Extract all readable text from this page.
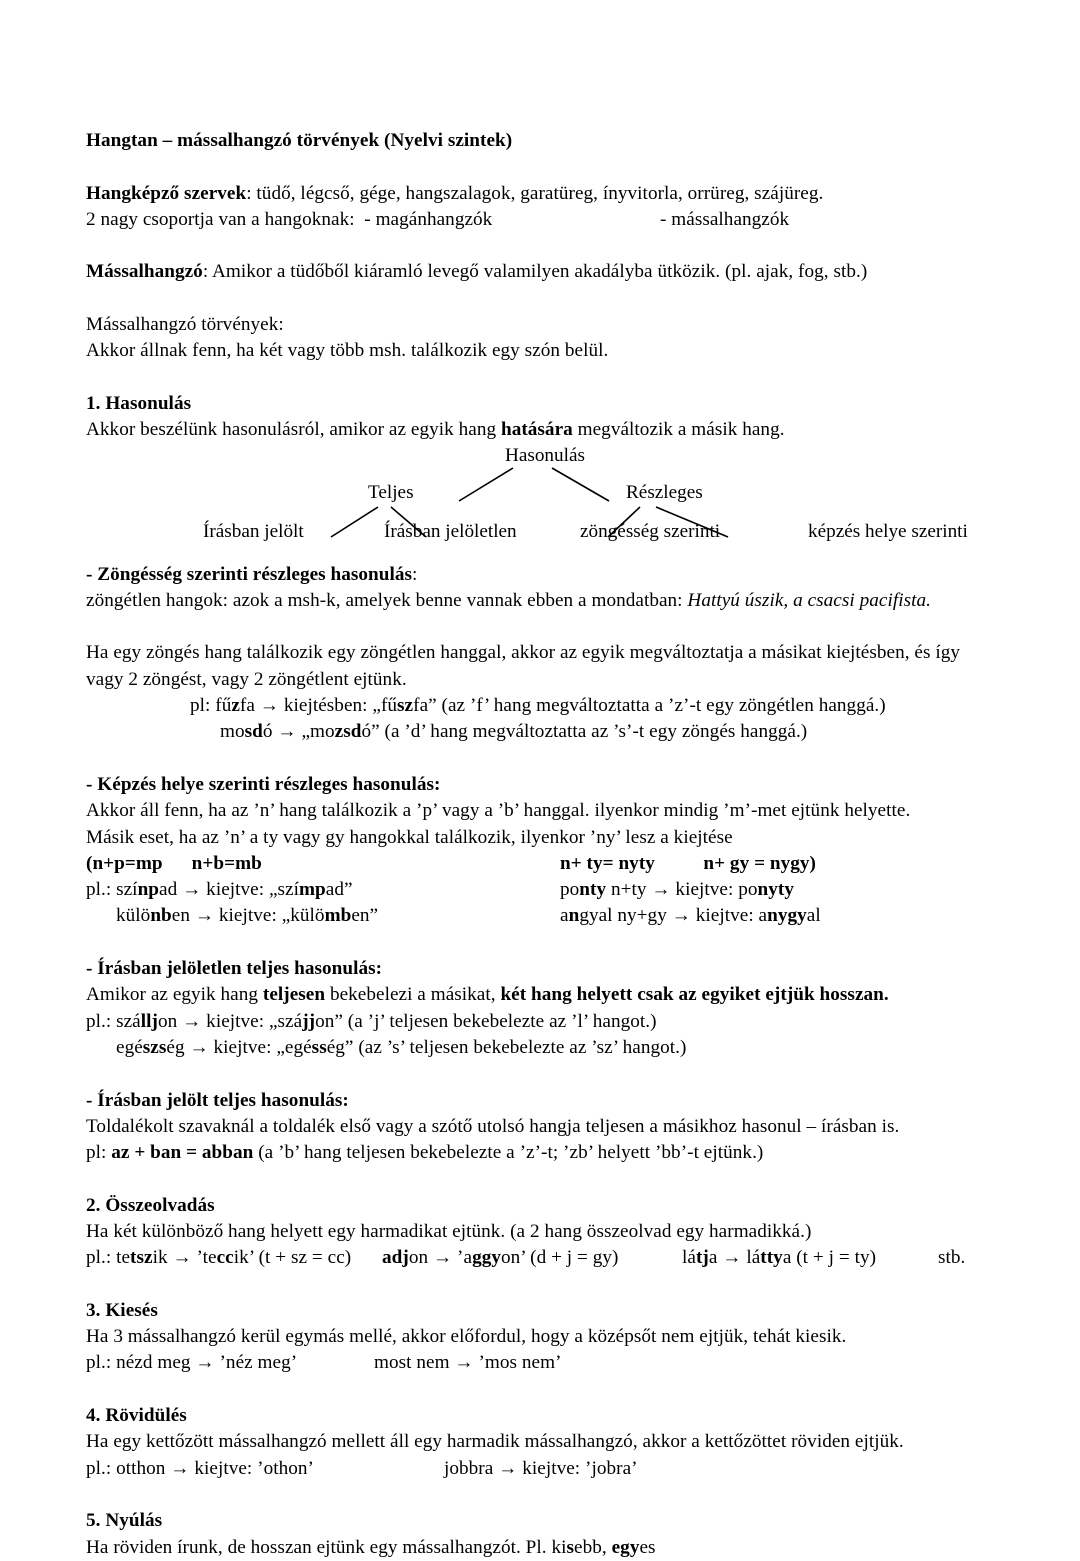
Hangtan – mássalhangzó törvények (Nyelvi szintek)
Hangképző szervek: tüdő, légcső, gége, hangszalagok, garatüreg, ínyvitorla, orrüreg, szájüreg.
2 nagy csoportja van a hangoknak:  - magánhangzók	- mássalhangzók
Mássalhangzó: Amikor a tüdőből kiáramló levegő valamilyen akadályba ütközik. (pl. ajak, fog, stb.)
Mássalhangzó törvények:
Akkor állnak fenn, ha két vagy több msh. találkozik egy szón belül.
1. Hasonulás
Akkor beszélünk hasonulásról, amikor az egyik hang hatására megváltozik a másik hang.
Hasonulás
Teljes	Részleges
Írásban jelölt	Írásban jelöletlen	zöngésség szerinti	képzés helye szerinti
- Zöngésség szerinti részleges hasonulás:
zöngétlen hangok: azok a msh-k, amelyek benne vannak ebben a mondatban: Hattyú úszik, a csacsi pacifista.
Ha egy zöngés hang találkozik egy zöngétlen hanggal, akkor az egyik megváltoztatja a másikat kiejtésben, és így
vagy 2 zöngést, vagy 2 zöngétlent ejtünk.
pl: fűzfa → kiejtésben: „fűszfa” (az ’f’ hang megváltoztatta a ’z’-t egy zöngétlen hanggá.)
mosdó → „mozsdó” (a ’d’ hang megváltoztatta az ’s’-t egy zöngés hanggá.)
- Képzés helye szerinti részleges hasonulás:
Akkor áll fenn, ha az ’n’ hang találkozik a ’p’ vagy a ’b’ hanggal. ilyenkor mindig ’m’-met ejtünk helyette.
Másik eset, ha az ’n’ a ty vagy gy hangokkal találkozik, ilyenkor ’ny’ lesz a kiejtése
(n+p=mp      n+b=mb	n+ ty= nyty          n+ gy = nygy)
pl.: színpad → kiejtve: „szímpad”	ponty n+ty → kiejtve: ponyty
különben → kiejtve: „külömben”	angyal ny+gy → kiejtve: anygyal
- Írásban jelöletlen teljes hasonulás:
Amikor az egyik hang teljesen bekebelezi a másikat, két hang helyett csak az egyiket ejtjük hosszan.
pl.: szálljon → kiejtve: „szájjon” (a ’j’ teljesen bekebelezte az ’l’ hangot.)
egészség → kiejtve: „egésség” (az ’s’ teljesen bekebelezte az ’sz’ hangot.)
- Írásban jelölt teljes hasonulás:
Toldalékolt szavaknál a toldalék első vagy a szótő utolsó hangja teljesen a másikhoz hasonul – írásban is.
pl: az + ban = abban (a ’b’ hang teljesen bekebelezte a ’z’-t; ’zb’ helyett ’bb’-t ejtünk.)
2. Összeolvadás
Ha két különböző hang helyett egy harmadikat ejtünk. (a 2 hang összeolvad egy harmadikká.)
pl.: tetszik → ’teccik’ (t + sz = cc) adjon → ’aggyon’ (d + j = gy)	látja → láttya (t + j = ty)	stb.
3. Kiesés
Ha 3 mássalhangzó kerül egymás mellé, akkor előfordul, hogy a középsőt nem ejtjük, tehát kiesik.
pl.: nézd meg → ’néz meg’	most nem → ’mos nem’
4. Rövidülés
Ha egy kettőzött mássalhangzó mellett áll egy harmadik mássalhangzó, akkor a kettőzöttet röviden ejtjük.
pl.: otthon → kiejtve: ’othon’	jobbra → kiejtve: ’jobra’
5. Nyúlás
Ha röviden írunk, de hosszan ejtünk egy mássalhangzót. Pl. kisebb, egyes
